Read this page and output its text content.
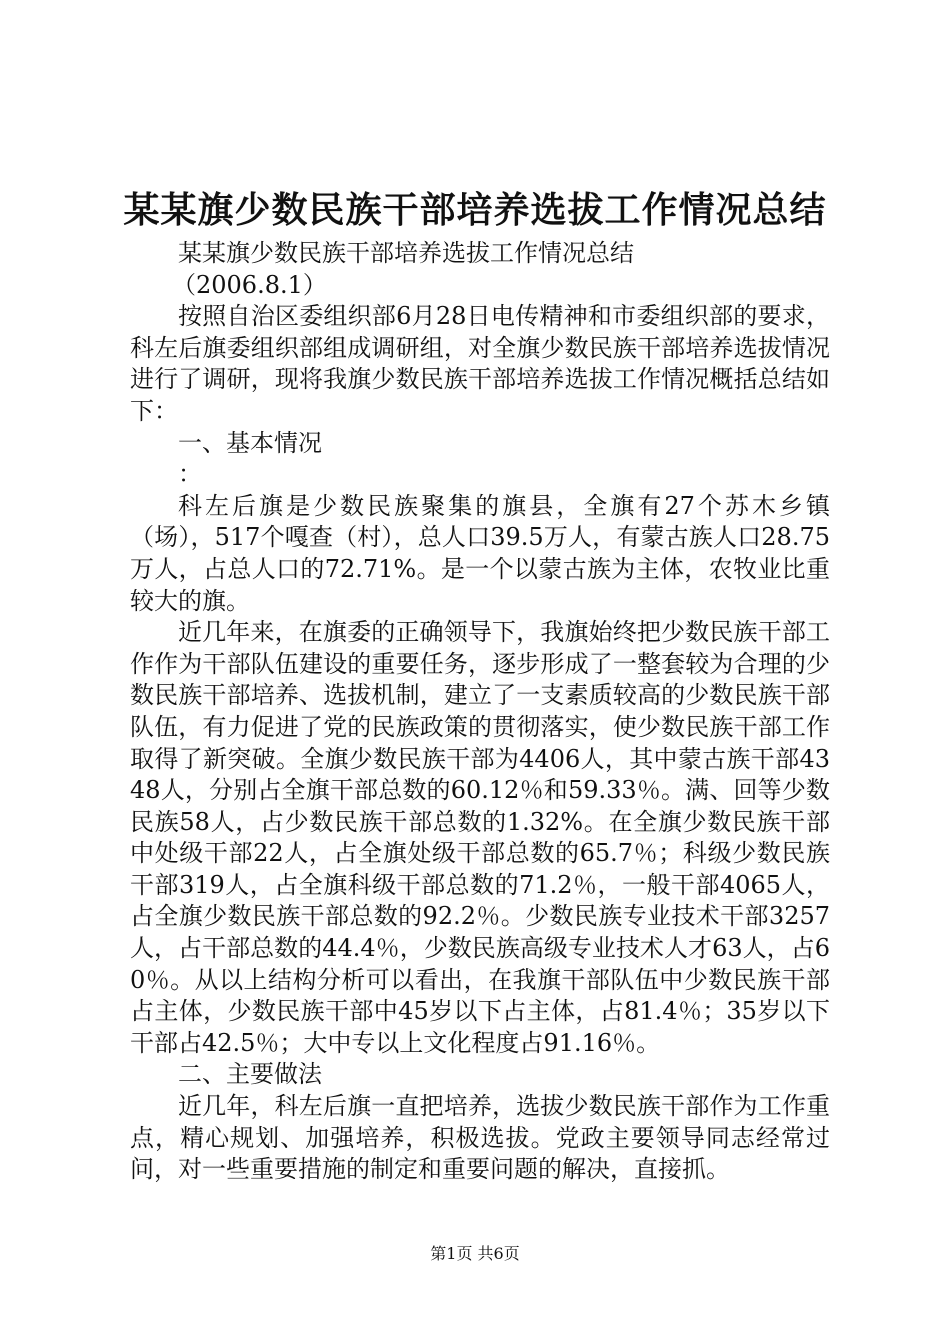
某某旗少数民族干部培养选拔工作情况总结

某某旗少数民族干部培养选拔工作情况总结

（2006.8.1）

按照自治区委组织部6月28日电传精神和市委组织部的要求，科左后旗委组织部组成调研组，对全旗少数民族干部培养选拔情况进行了调研，现将我旗少数民族干部培养选拔工作情况概括总结如下：

一、基本情况

：

科左后旗是少数民族聚集的旗县，全旗有27个苏木乡镇（场），517个嘎查（村），总人口39.5万人，有蒙古族人口28.75万人，占总人口的72.71%。是一个以蒙古族为主体，农牧业比重较大的旗。

近几年来，在旗委的正确领导下，我旗始终把少数民族干部工作作为干部队伍建设的重要任务，逐步形成了一整套较为合理的少数民族干部培养、选拔机制，建立了一支素质较高的少数民族干部队伍，有力促进了党的民族政策的贯彻落实，使少数民族干部工作取得了新突破。全旗少数民族干部为4406人，其中蒙古族干部4348人，分别占全旗干部总数的60.12％和59.33％。满、回等少数民族58人，占少数民族干部总数的1.32%。在全旗少数民族干部中处级干部22人，占全旗处级干部总数的65.7％；科级少数民族干部319人，占全旗科级干部总数的71.2％，一般干部4065人，占全旗少数民族干部总数的92.2％。少数民族专业技术干部3257人，占干部总数的44.4％，少数民族高级专业技术人才63人，占60％。从以上结构分析可以看出，在我旗干部队伍中少数民族干部占主体，少数民族干部中45岁以下占主体，占81.4％；35岁以下干部占42.5％；大中专以上文化程度占91.16％。

二、主要做法

近几年，科左后旗一直把培养，选拔少数民族干部作为工作重点，精心规划、加强培养，积极选拔。党政主要领导同志经常过问，对一些重要措施的制定和重要问题的解决，直接抓。

第1页 共6页
